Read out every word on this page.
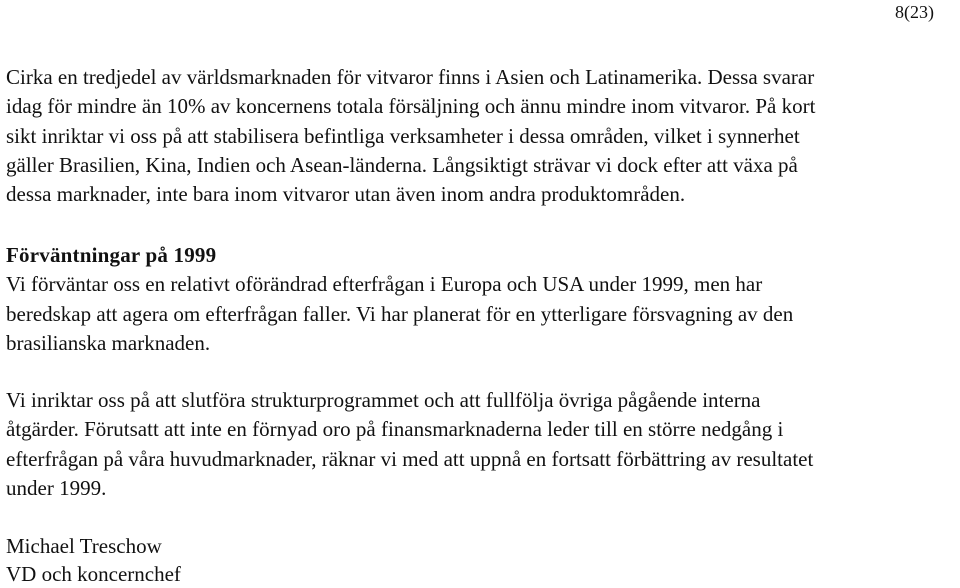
8(23)

Cirka en tredjedel av världsmarknaden för vitvaror finns i Asien och Latinamerika. Dessa svarar
idag för mindre än 10% av koncernens totala försäljning och ännu mindre inom vitvaror. På kort
sikt inriktar vi oss på att stabilisera befintliga verksamheter i dessa områden, vilket i synnerhet
gäller Brasilien, Kina, Indien och Asean-länderna. Långsiktigt strävar vi dock efter att växa på
dessa marknader, inte bara inom vitvaror utan även inom andra produktområden.

Förväntningar på 1999
Vi förväntar oss en relativt oförändrad efterfrågan i Europa och USA under 1999, men har
beredskap att agera om efterfrågan faller. Vi har planerat för en ytterligare försvagning av den
brasilianska marknaden.

Vi inriktar oss på att slutföra strukturprogrammet och att fullfölja övriga pågående interna
åtgärder. Förutsatt att inte en förnyad oro på finansmarknaderna leder till en större nedgång i
efterfrågan på våra huvudmarknader, räknar vi med att uppnå en fortsatt förbättring av resultatet
under 1999.

Michael Treschow
VD och koncernchef
